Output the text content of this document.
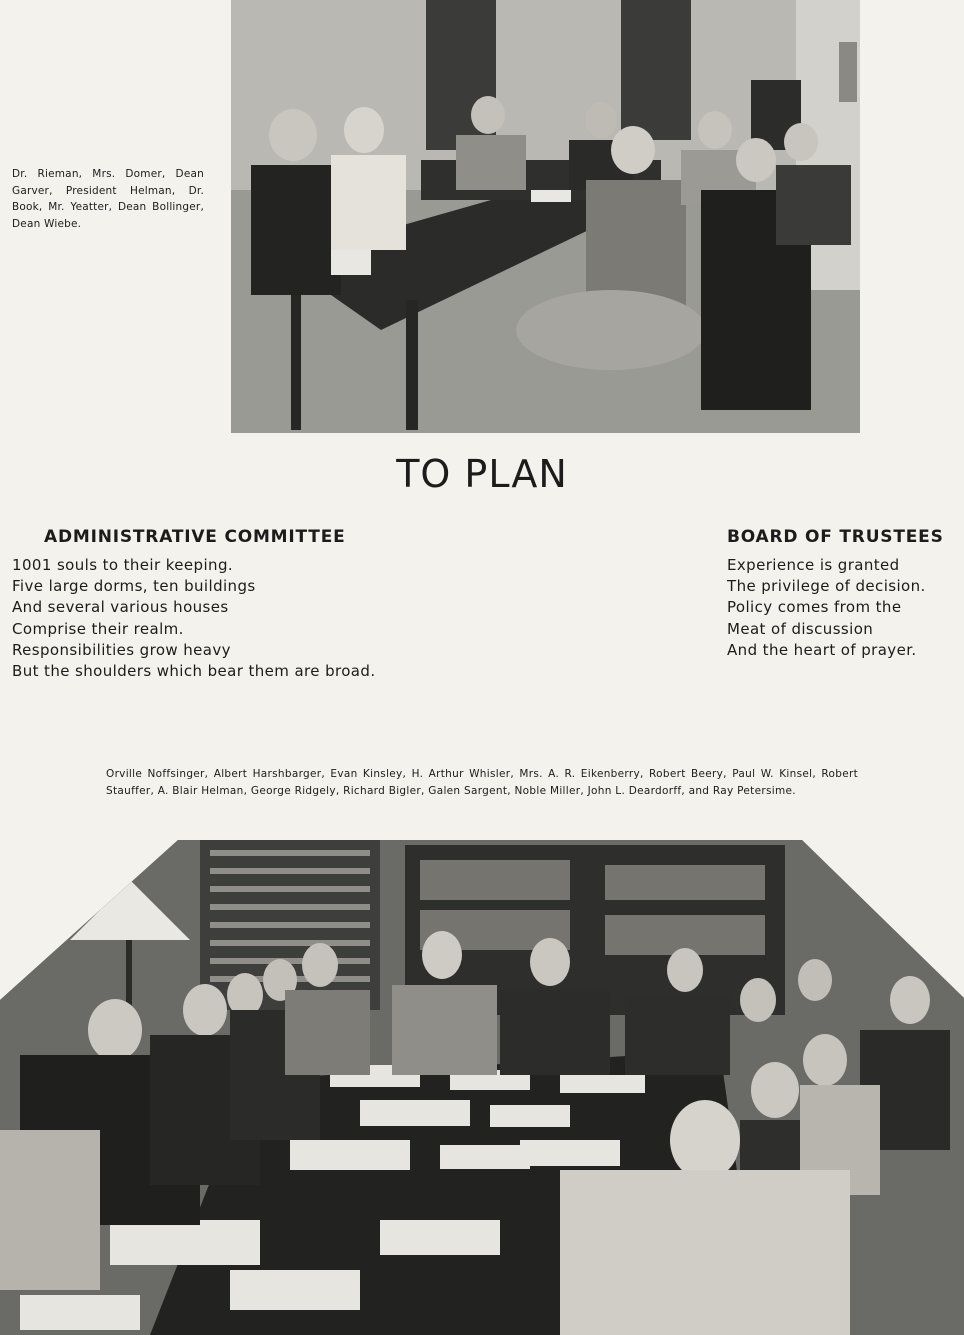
Dr. Rieman, Mrs. Domer, Dean Garver, President Helman, Dr. Book, Mr. Yeatter, Dean Bollinger, Dean Wiebe.
TO PLAN
ADMINISTRATIVE COMMITTEE	BOARD OF TRUSTEES
1001 souls to their keeping.
Five large dorms, ten buildings
And several various houses
Comprise their realm.
Responsibilities grow heavy
But the shoulders which bear them are broad.
Experience is granted
The privilege of decision.
Policy comes from the
Meat of discussion
And the heart of prayer.
Orville Noffsinger, Albert Harshbarger, Evan Kinsley, H. Arthur Whisler, Mrs. A. R. Eikenberry, Robert Beery, Paul W. Kinsel, Robert Stauffer, A. Blair Helman, George Ridgely, Richard Bigler, Galen Sargent, Noble Miller, John L. Deardorff, and Ray Petersime.
